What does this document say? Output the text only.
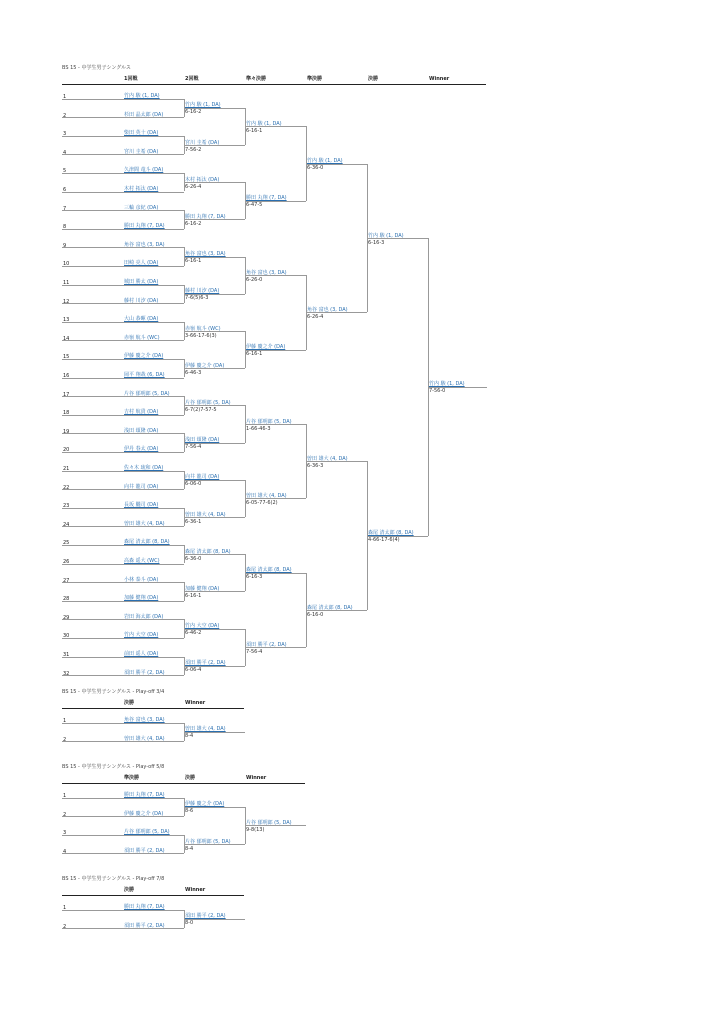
BS 15 - 中学生男子シングルス
1回戦	2回戦	準々決勝	準決勝	決勝	Winner
1	竹内 駿 (1, DA)
2	杉田 晶太郎 (DA)
3	柴田 英十 (DA)
4	宮川 圭希 (DA)
5	久津間 竜斗 (DA)
6	木村 拓汰 (DA)
7	三輪 彦紀 (DA)
8	勝田 丸翔 (7, DA)
9	角谷 富也 (3, DA)
10	田崎 亮人 (DA)
11	城田 勝太 (DA)
12	藤村 川汐 (DA)
13	大山 恭暉 (DA)
14	赤嶺 航斗 (WC)
15	伊藤 慶之介 (DA)
16	岡平 翔哉 (6, DA)
17	片谷 郁明郎 (5, DA)
18	吉村 航貴 (DA)
19	浅田 頌隆 (DA)
20	伊丹 春太 (DA)
21	佐々木 琉和 (DA)
22	向井 龍司 (DA)
23	長坂 朧司 (DA)
24	曽田 雄大 (4, DA)
25	森尾 清太郎 (8, DA)
26	高森 遥大 (WC)
27	小林 泰斗 (DA)
28	加藤 健翔 (DA)
29	岩田 海太郎 (DA)
30	竹内 大空 (DA)
31	前田 遥人 (DA)
32	須田 勝平 (2, DA)
竹内 駿 (1, DA)
6-16-2
宮川 圭希 (DA)
7-56-2
木村 拓汰 (DA)
6-26-4
勝田 丸翔 (7, DA)
6-16-2
角谷 富也 (3, DA)
6-16-1
藤村 川汐 (DA)
7-6(5)6-3
赤嶺 航斗 (WC)
3-66-17-6(3)
伊藤 慶之介 (DA)
6-46-3
片谷 郁明郎 (5, DA)
6-7(2)7-57-5
浅田 頌隆 (DA)
7-56-4
向井 龍司 (DA)
6-06-0
曽田 雄大 (4, DA)
6-36-1
森尾 清太郎 (8, DA)
6-36-0
加藤 健翔 (DA)
6-16-1
竹内 大空 (DA)
6-46-2
須田 勝平 (2, DA)
6-06-4
竹内 駿 (1, DA)
6-16-1
勝田 丸翔 (7, DA)
6-47-5
角谷 富也 (3, DA)
6-26-0
伊藤 慶之介 (DA)
6-16-1
片谷 郁明郎 (5, DA)
1-66-46-3
曽田 雄大 (4, DA)
6-05-77-6(2)
森尾 清太郎 (8, DA)
6-16-3
須田 勝平 (2, DA)
7-56-4
竹内 駿 (1, DA)
6-36-0
角谷 富也 (3, DA)
6-26-4
曽田 雄大 (4, DA)
6-36-3
森尾 清太郎 (8, DA)
6-16-0
竹内 駿 (1, DA)
6-16-3
森尾 清太郎 (8, DA)
4-66-17-6(4)
竹内 駿 (1, DA)
7-56-0
BS 15 - 中学生男子シングルス - Play-off 3/4
決勝	Winner
1	角谷 富也 (3, DA)
2	曽田 雄大 (4, DA)
曽田 雄大 (4, DA)
8-4
BS 15 - 中学生男子シングルス - Play-off 5/8
準決勝	決勝	Winner
1	勝田 丸翔 (7, DA)
2	伊藤 慶之介 (DA)
3	片谷 郁明郎 (5, DA)
4	須田 勝平 (2, DA)
伊藤 慶之介 (DA)
8-6
片谷 郁明郎 (5, DA)
8-4
片谷 郁明郎 (5, DA)
9-8(13)
BS 15 - 中学生男子シングルス - Play-off 7/8
決勝	Winner
1	勝田 丸翔 (7, DA)
2	須田 勝平 (2, DA)
須田 勝平 (2, DA)
8-0
